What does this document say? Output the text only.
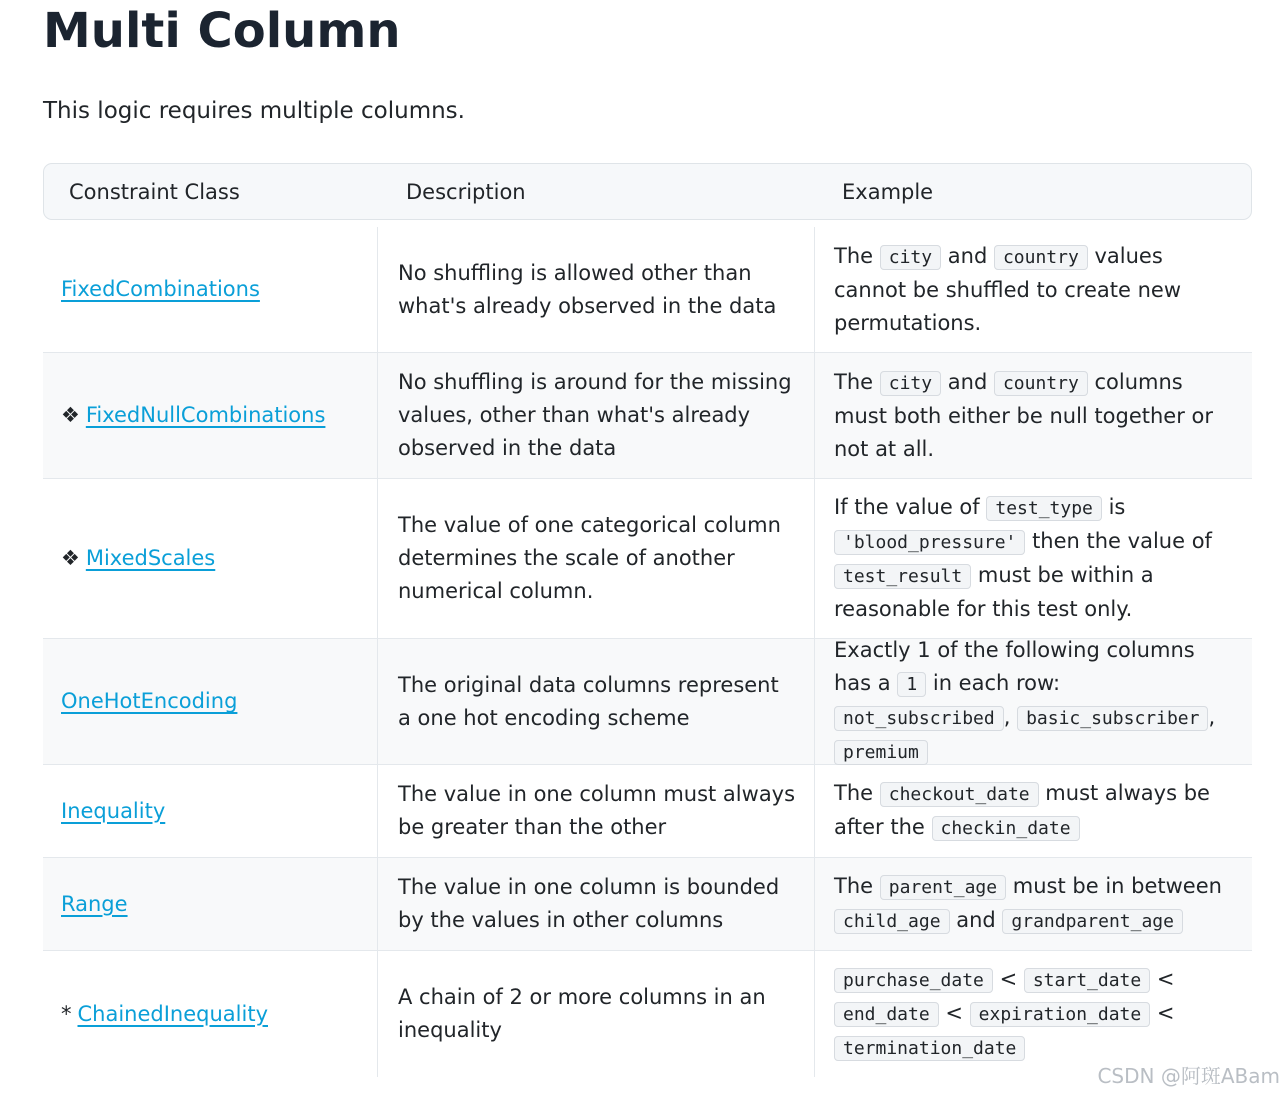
Multi Column

This logic requires multiple columns.

Constraint Class	Description	Example
FixedCombinations
No shuffling is allowed other than what's already observed in the data
The city and country values cannot be shuffled to create new permutations.
❖ FixedNullCombinations
No shuffling is around for the missing values, other than what's already observed in the data
The city and country columns must both either be null together or not at all.
❖ MixedScales
The value of one categorical column determines the scale of another numerical column.
If the value of test_type is 'blood_pressure' then the value of test_result must be within a reasonable for this test only.
OneHotEncoding
The original data columns represent a one hot encoding scheme
Exactly 1 of the following columns has a 1 in each row: not_subscribed , basic_subscriber , premium
Inequality
The value in one column must always be greater than the other
The checkout_date must always be after the checkin_date
Range
The value in one column is bounded by the values in other columns
The parent_age must be in between child_age and grandparent_age
* ChainedInequality
A chain of 2 or more columns in an inequality
purchase_date < start_date < end_date < expiration_date < termination_date
CSDN @阿斑ABam
